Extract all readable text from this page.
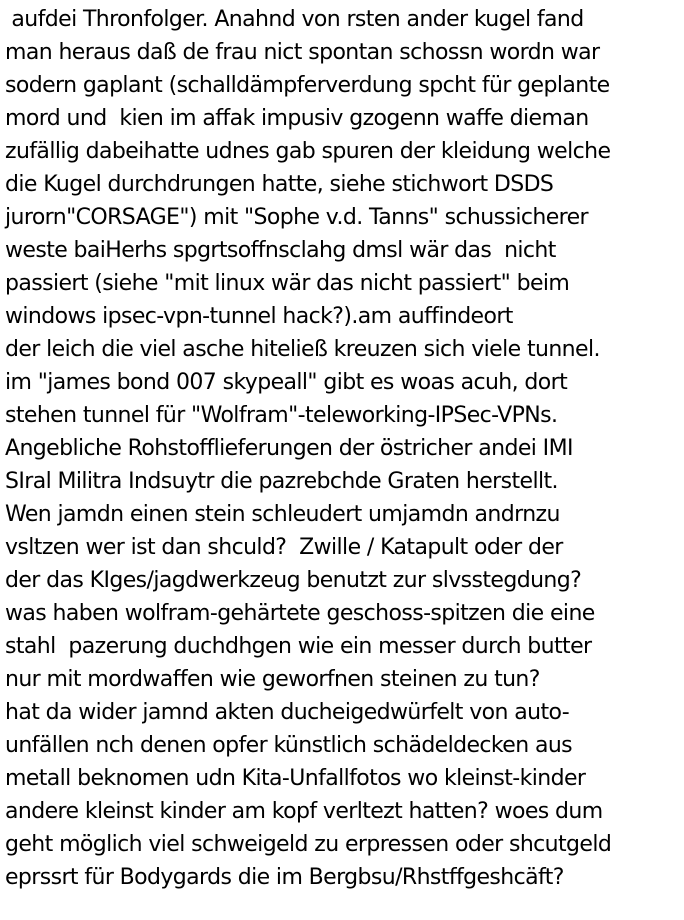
aufdei Thronfolger. Anahnd von rsten ander kugel fand
man heraus daß de frau nict spontan schossn wordn war
sodern gaplant (schalldämpferverdung spcht für geplante
mord und  kien im affak impusiv gzogenn waffe dieman
zufällig dabeihatte udnes gab spuren der kleidung welche
die Kugel durchdrungen hatte, siehe stichwort DSDS
jurorn"CORSAGE") mit "Sophe v.d. Tanns" schussicherer
weste baiHerhs spgrtsoffnsclahg dmsl wär das  nicht
passiert (siehe "mit linux wär das nicht passiert" beim
windows ipsec-vpn-tunnel hack?).am auffindeort
der leich die viel asche hiteließ kreuzen sich viele tunnel.
im "james bond 007 skypeall" gibt es woas acuh, dort
stehen tunnel für "Wolfram"-teleworking-IPSec-VPNs.
Angebliche Rohstofflieferungen der östricher andei IMI
SIral Militra Indsuytr die pazrebchde Graten herstellt.
Wen jamdn einen stein schleudert umjamdn andrnzu
vsltzen wer ist dan shculd?  Zwille / Katapult oder der
der das KIges/jagdwerkzeug benutzt zur slvsstegdung?
was haben wolfram-gehärtete geschoss-spitzen die eine
stahl  pazerung duchdhgen wie ein messer durch butter
nur mit mordwaffen wie geworfnen steinen zu tun?
hat da wider jamnd akten ducheigedwürfelt von auto-
unfällen nch denen opfer künstlich schädeldecken aus
metall beknomen udn Kita-Unfallfotos wo kleinst-kinder
andere kleinst kinder am kopf verltezt hatten? woes dum
geht möglich viel schweigeld zu erpressen oder shcutgeld
eprssrt für Bodygards die im Bergbsu/Rhstffgeshcäft?
